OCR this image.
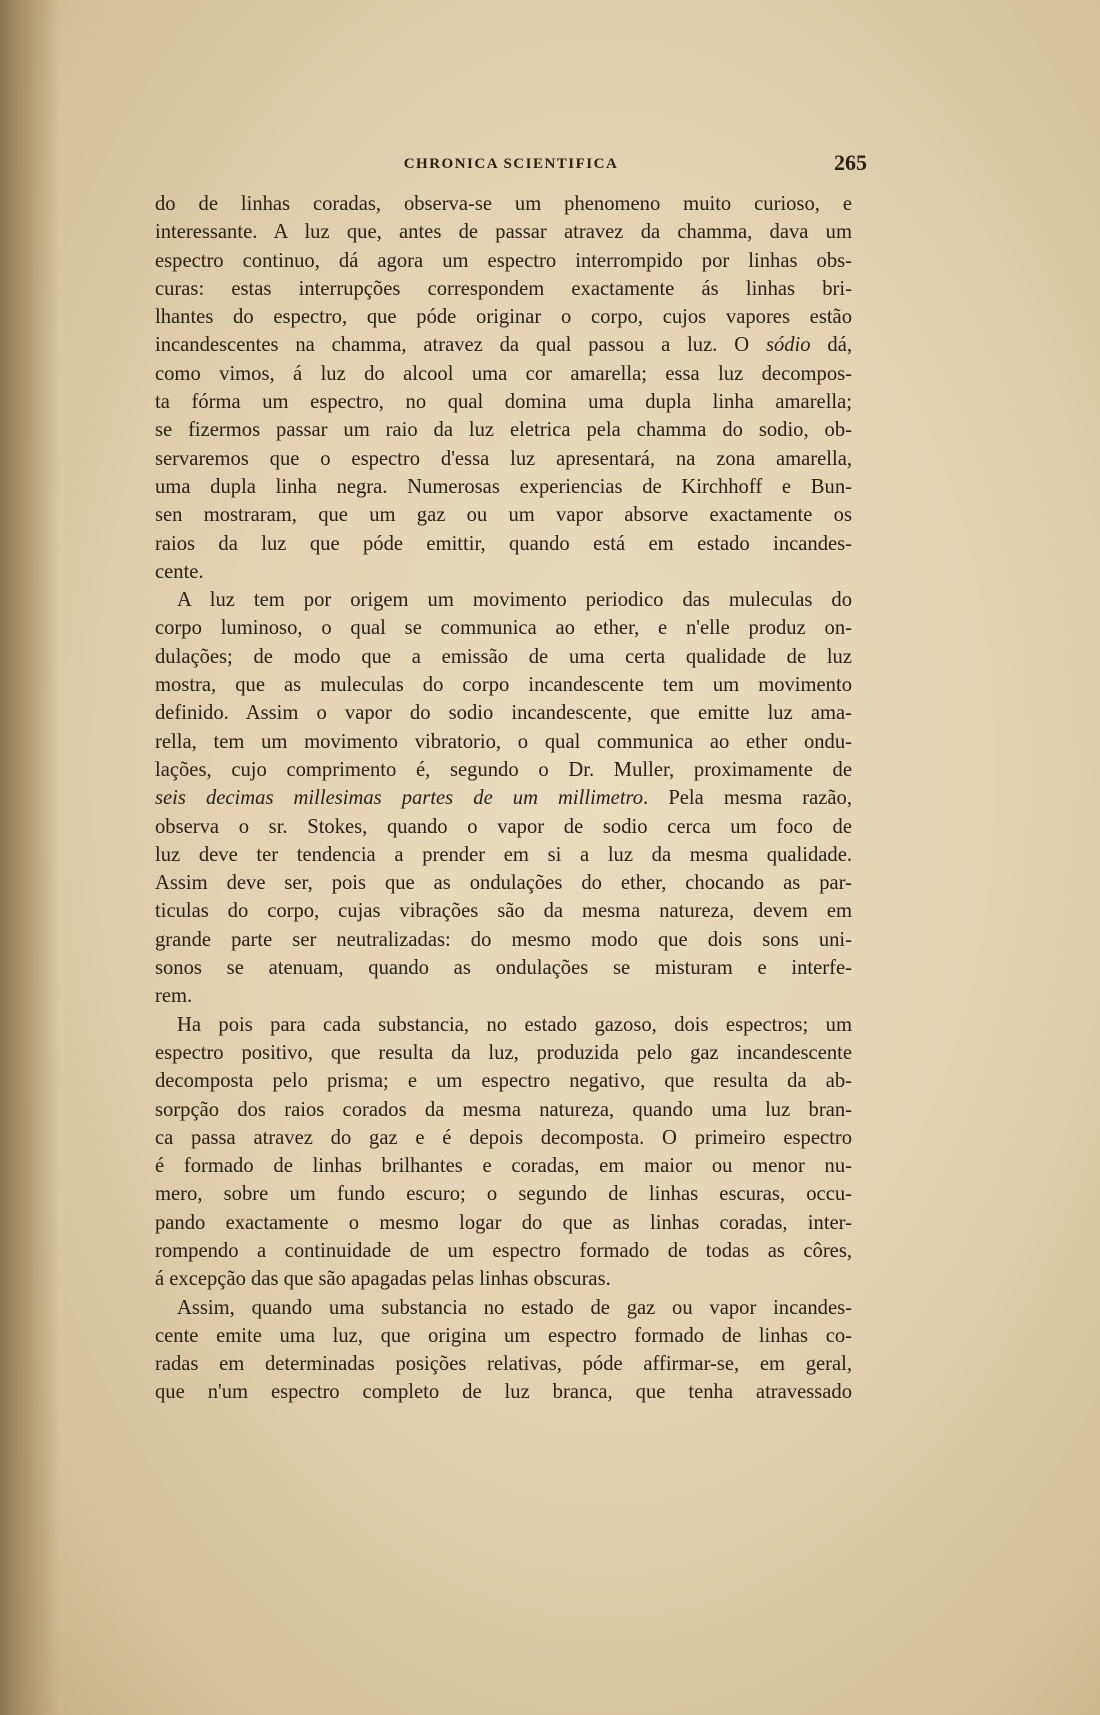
CHRONICA SCIENTIFICA	265
do de linhas coradas, observa-se um phenomeno muito curioso, e
interessante. A luz que, antes de passar atravez da chamma, dava um
espectro continuo, dá agora um espectro interrompido por linhas obs-
curas: estas interrupções correspondem exactamente ás linhas bri-
lhantes do espectro, que póde originar o corpo, cujos vapores estão
incandescentes na chamma, atravez da qual passou a luz. O sódio dá,
como vimos, á luz do alcool uma cor amarella; essa luz decompos-
ta fórma um espectro, no qual domina uma dupla linha amarella;
se fizermos passar um raio da luz eletrica pela chamma do sodio, ob-
servaremos que o espectro d'essa luz apresentará, na zona amarella,
uma dupla linha negra. Numerosas experiencias de Kirchhoff e Bun-
sen mostraram, que um gaz ou um vapor absorve exactamente os
raios da luz que póde emittir, quando está em estado incandes-
cente.
A luz tem por origem um movimento periodico das muleculas do
corpo luminoso, o qual se communica ao ether, e n'elle produz on-
dulações; de modo que a emissão de uma certa qualidade de luz
mostra, que as muleculas do corpo incandescente tem um movimento
definido. Assim o vapor do sodio incandescente, que emitte luz ama-
rella, tem um movimento vibratorio, o qual communica ao ether ondu-
lações, cujo comprimento é, segundo o Dr. Muller, proximamente de
seis decimas millesimas partes de um millimetro. Pela mesma razão,
observa o sr. Stokes, quando o vapor de sodio cerca um foco de
luz deve ter tendencia a prender em si a luz da mesma qualidade.
Assim deve ser, pois que as ondulações do ether, chocando as par-
ticulas do corpo, cujas vibrações são da mesma natureza, devem em
grande parte ser neutralizadas: do mesmo modo que dois sons uni-
sonos se atenuam, quando as ondulações se misturam e interfe-
rem.
Ha pois para cada substancia, no estado gazoso, dois espectros; um
espectro positivo, que resulta da luz, produzida pelo gaz incandescente
decomposta pelo prisma; e um espectro negativo, que resulta da ab-
sorpção dos raios corados da mesma natureza, quando uma luz bran-
ca passa atravez do gaz e é depois decomposta. O primeiro espectro
é formado de linhas brilhantes e coradas, em maior ou menor nu-
mero, sobre um fundo escuro; o segundo de linhas escuras, occu-
pando exactamente o mesmo logar do que as linhas coradas, inter-
rompendo a continuidade de um espectro formado de todas as côres,
á excepção das que são apagadas pelas linhas obscuras.
Assim, quando uma substancia no estado de gaz ou vapor incandes-
cente emite uma luz, que origina um espectro formado de linhas co-
radas em determinadas posições relativas, póde affirmar-se, em geral,
que n'um espectro completo de luz branca, que tenha atravessado
